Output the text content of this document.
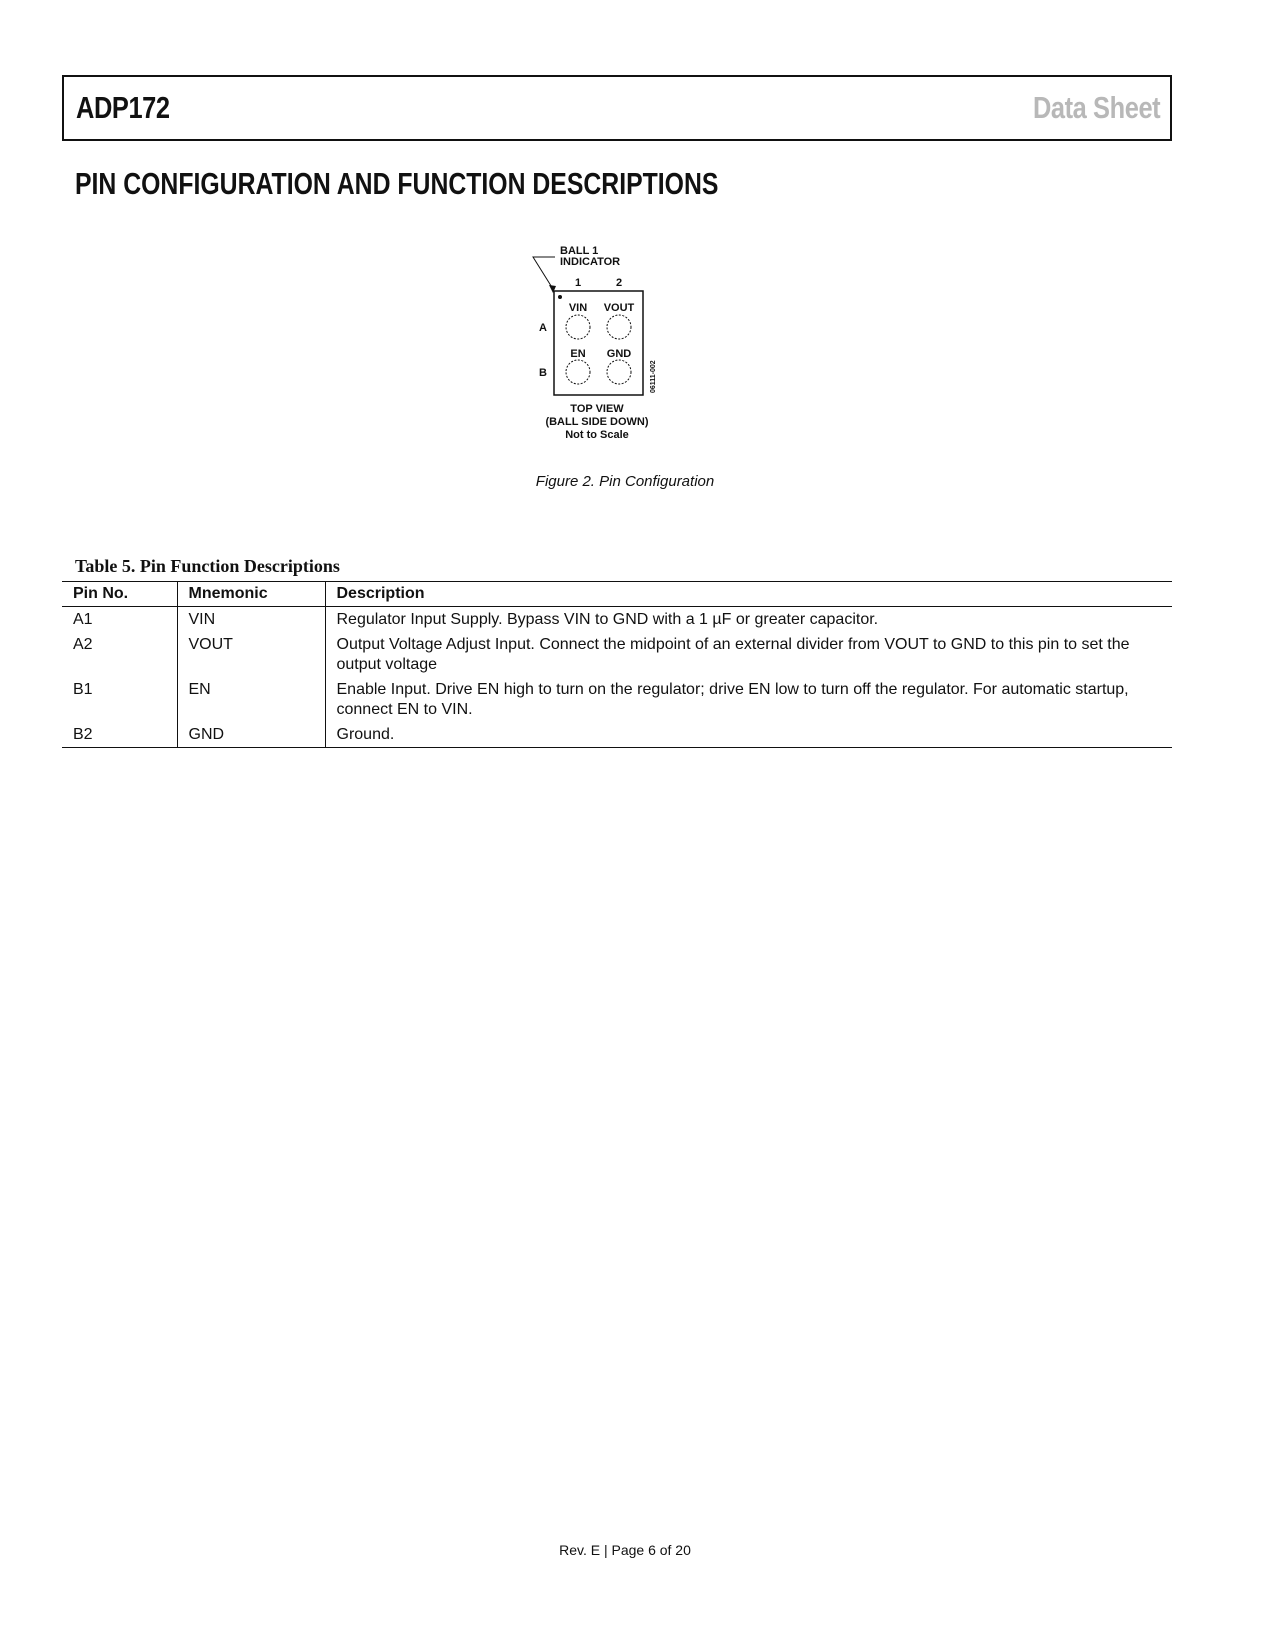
ADP172	Data Sheet
PIN CONFIGURATION AND FUNCTION DESCRIPTIONS
BALL 1
INDICATOR
1	2
A
B
VIN VOUT
EN GND
06111-002
TOP VIEW
(BALL SIDE DOWN)
Not to Scale
Figure 2. Pin Configuration
Table 5. Pin Function Descriptions
Pin No.	Mnemonic	Description
A1	VIN	Regulator Input Supply. Bypass VIN to GND with a 1 µF or greater capacitor.
A2	VOUT	Output Voltage Adjust Input. Connect the midpoint of an external divider from VOUT to GND to this pin to set the output voltage
B1	EN	Enable Input. Drive EN high to turn on the regulator; drive EN low to turn off the regulator. For automatic startup, connect EN to VIN.
B2	GND	Ground.
Rev. E | Page 6 of 20
